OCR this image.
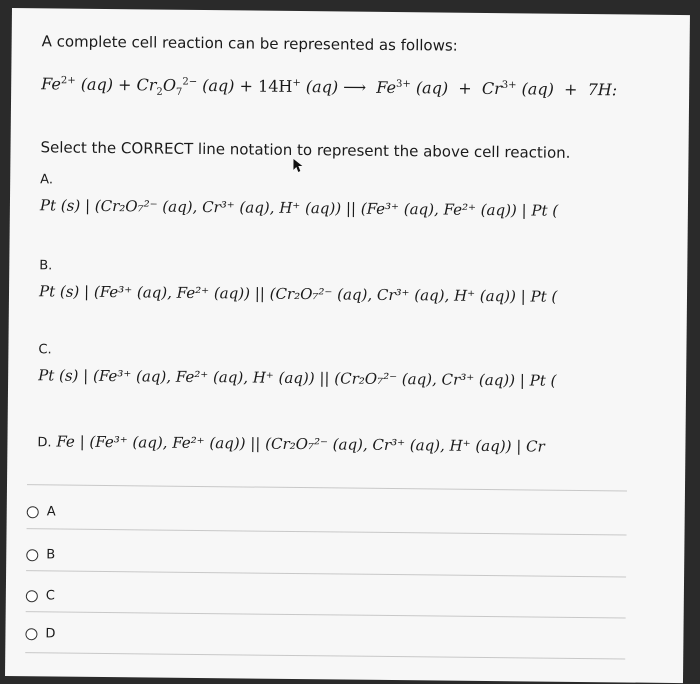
A complete cell reaction can be represented as follows:
$Fe^{2+}$ $(aq) + Cr_2O_7^{2-}$ (aq) + 14H+ (aq) ⟶ $Fe^{3+}$ $(aq) + Cr^{3+}$ (aq) + 7H:
Select the CORRECT line notation to represent the above cell reaction.
A.
Pt (s) | (Cr₂O₇²⁻ (aq), Cr³⁺ (aq), H⁺ (aq)) || (Fe³⁺ (aq), Fe²⁺ (aq)) | Pt (
B.
Pt (s) | (Fe³⁺ (aq), Fe²⁺ (aq)) || (Cr₂O₇²⁻ (aq), Cr³⁺ (aq), H⁺ (aq)) | Pt (
C.
Pt (s) | (Fe³⁺ (aq), Fe²⁺ (aq), H⁺ (aq)) || (Cr₂O₇²⁻ (aq), Cr³⁺ (aq)) | Pt (
D. Fe | (Fe³⁺ (aq), Fe²⁺ (aq)) || (Cr₂O₇²⁻ (aq), Cr³⁺ (aq), H⁺ (aq)) | Cr
A
B
C
D
